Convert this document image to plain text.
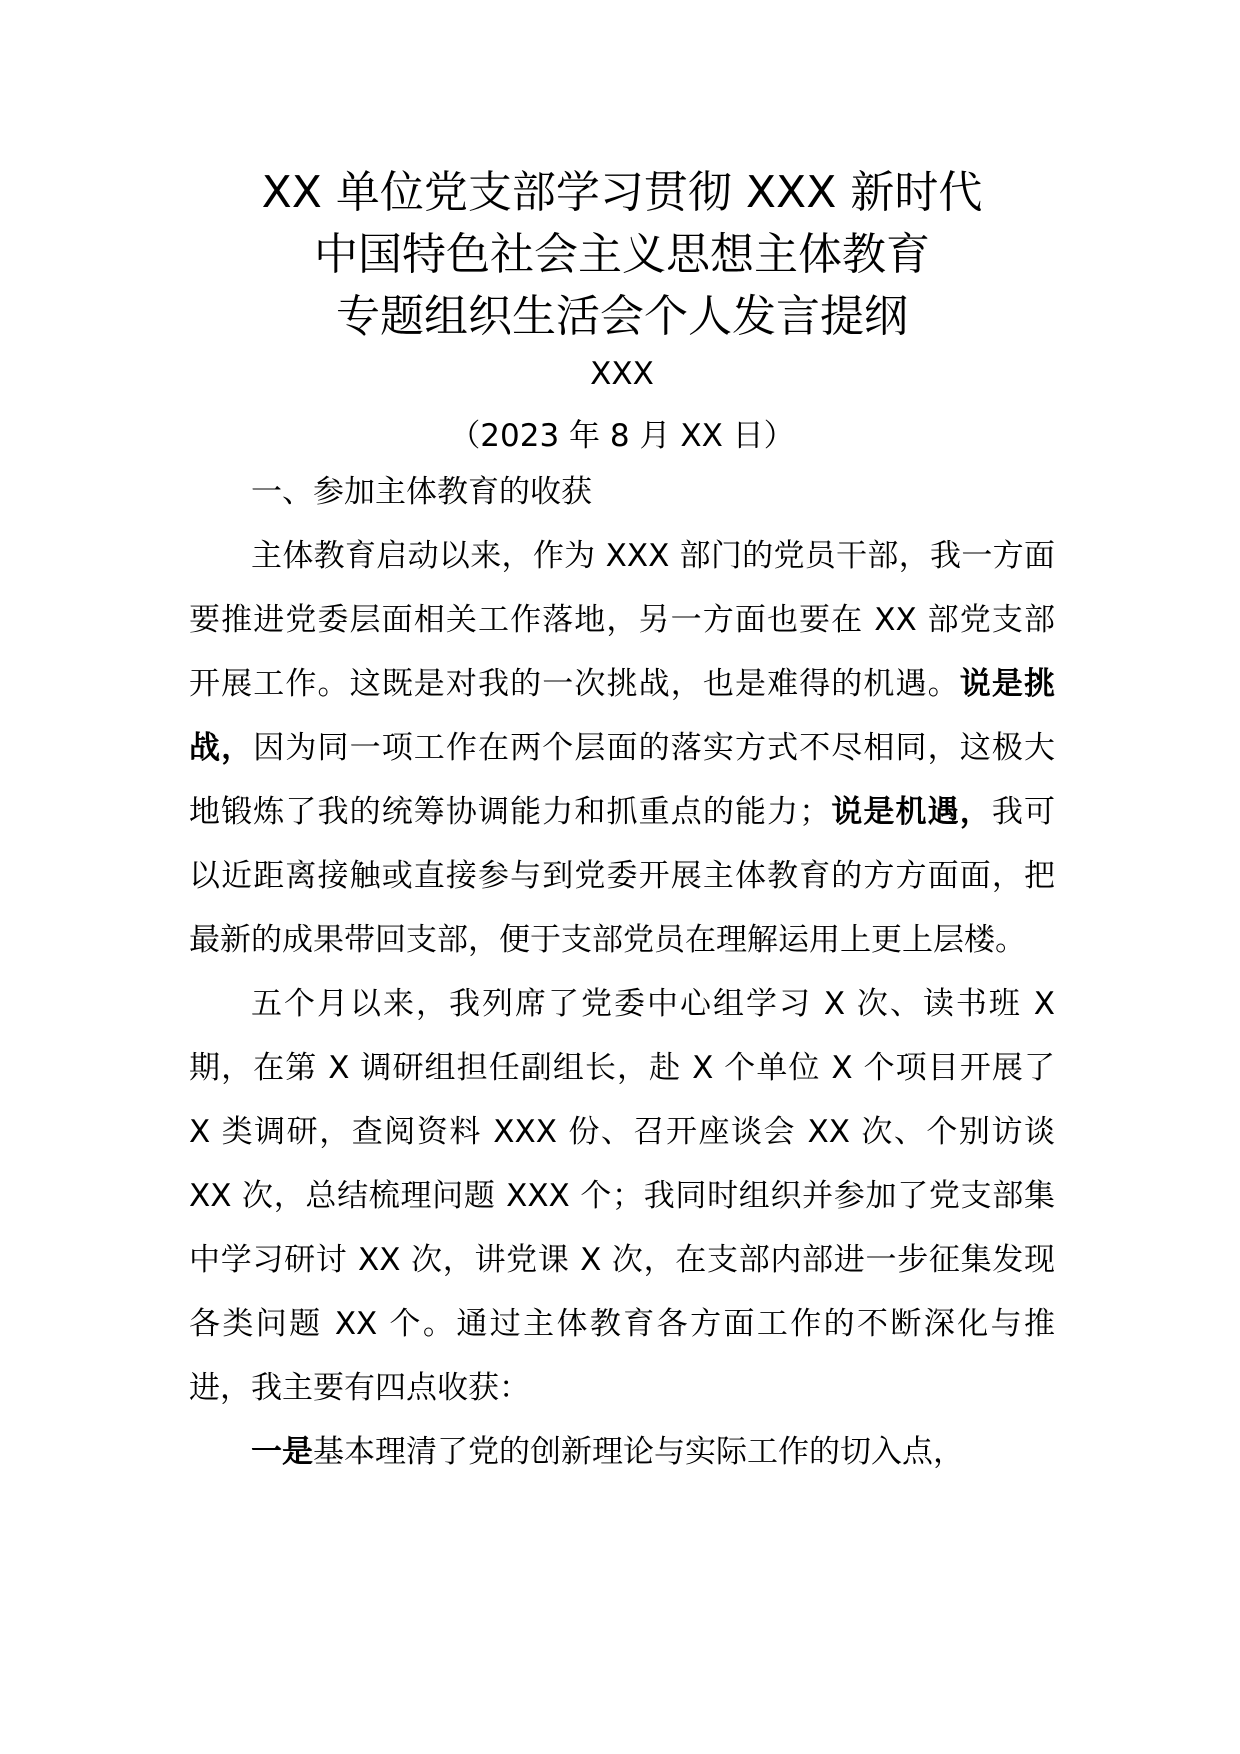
XX 单位党支部学习贯彻 XXX 新时代
中国特色社会主义思想主体教育
专题组织生活会个人发言提纲
XXX
（2023 年 8 月 XX 日）
一、参加主体教育的收获

主体教育启动以来，作为 XXX 部门的党员干部，我一方面要推进党委层面相关工作落地，另一方面也要在 XX 部党支部开展工作。这既是对我的一次挑战，也是难得的机遇。说是挑战，因为同一项工作在两个层面的落实方式不尽相同，这极大地锻炼了我的统筹协调能力和抓重点的能力；说是机遇，我可以近距离接触或直接参与到党委开展主体教育的方方面面，把最新的成果带回支部，便于支部党员在理解运用上更上层楼。

五个月以来，我列席了党委中心组学习 X 次、读书班 X 期，在第 X 调研组担任副组长，赴 X 个单位 X 个项目开展了 X 类调研，查阅资料 XXX 份、召开座谈会 XX 次、个别访谈 XX 次，总结梳理问题 XXX 个；我同时组织并参加了党支部集中学习研讨 XX 次，讲党课 X 次，在支部内部进一步征集发现各类问题 XX 个。通过主体教育各方面工作的不断深化与推进，我主要有四点收获：

一是基本理清了党的创新理论与实际工作的切入点，
